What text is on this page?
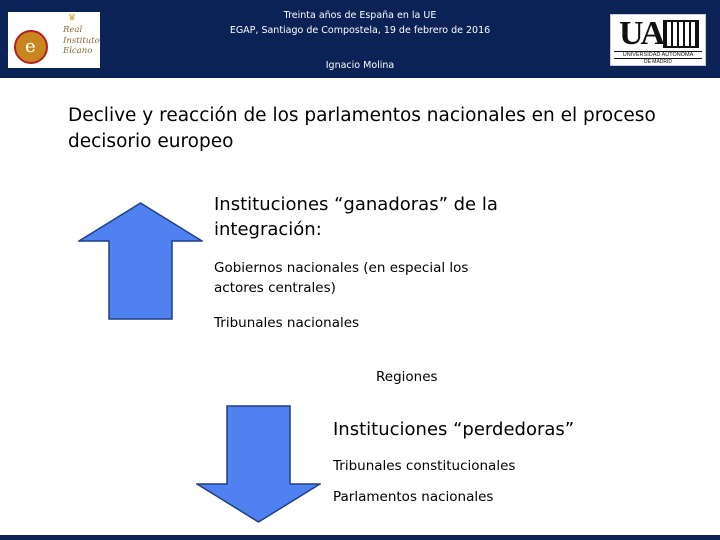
♛
e
Real
Instituto
Elcano
Treinta años de España en la UE
EGAP, Santiago de Compostela, 19 de febrero de 2016
Ignacio Molina
UA
UNIVERSIDAD AUTONOMA
DE MADRID
Declive y reacción de los parlamentos nacionales en el proceso decisorio europeo
Instituciones “ganadoras” de la integración:
Gobiernos nacionales (en especial los actores centrales)
Tribunales nacionales
Regiones
Instituciones “perdedoras”
Tribunales constitucionales
Parlamentos nacionales
